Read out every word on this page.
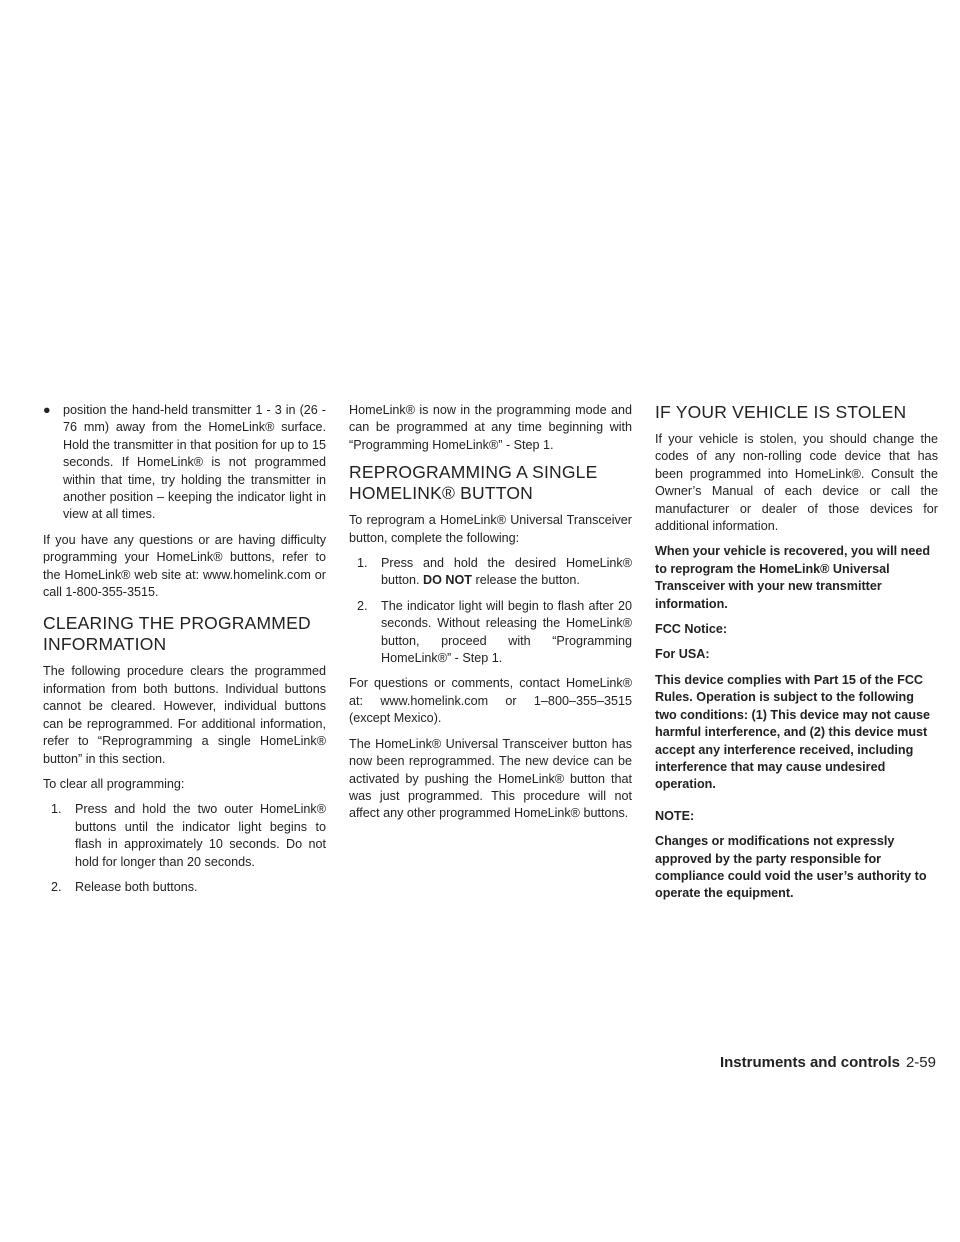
● position the hand-held transmitter 1 - 3 in (26 - 76 mm) away from the HomeLink® surface. Hold the transmitter in that position for up to 15 seconds. If HomeLink® is not programmed within that time, try holding the transmitter in another position – keeping the indicator light in view at all times.

If you have any questions or are having difficulty programming your HomeLink® buttons, refer to the HomeLink® web site at: www.homelink.com or call 1-800-355-3515.

CLEARING THE PROGRAMMED
INFORMATION

The following procedure clears the programmed information from both buttons. Individual buttons cannot be cleared. However, individual buttons can be reprogrammed. For additional information, refer to “Reprogramming a single HomeLink® button” in this section.

To clear all programming:

1. Press and hold the two outer HomeLink® buttons until the indicator light begins to flash in approximately 10 seconds. Do not hold for longer than 20 seconds.
2. Release both buttons.

HomeLink® is now in the programming mode and can be programmed at any time beginning with “Programming HomeLink®” - Step 1.

REPROGRAMMING A SINGLE
HOMELINK® BUTTON

To reprogram a HomeLink® Universal Transceiver button, complete the following:

1. Press and hold the desired HomeLink® button. DO NOT release the button.
2. The indicator light will begin to flash after 20 seconds. Without releasing the HomeLink® button, proceed with “Programming HomeLink®” - Step 1.

For questions or comments, contact HomeLink® at: www.homelink.com or 1–800–355–3515 (except Mexico).

The HomeLink® Universal Transceiver button has now been reprogrammed. The new device can be activated by pushing the HomeLink® button that was just programmed. This procedure will not affect any other programmed HomeLink® buttons.

IF YOUR VEHICLE IS STOLEN

If your vehicle is stolen, you should change the codes of any non-rolling code device that has been programmed into HomeLink®. Consult the Owner’s Manual of each device or call the manufacturer or dealer of those devices for additional information.

When your vehicle is recovered, you will need to reprogram the HomeLink® Universal Transceiver with your new transmitter information.

FCC Notice:

For USA:

This device complies with Part 15 of the FCC Rules. Operation is subject to the following two conditions: (1) This device may not cause harmful interference, and (2) this device must accept any interference received, including interference that may cause undesired operation.

NOTE:

Changes or modifications not expressly approved by the party responsible for compliance could void the user’s authority to operate the equipment.

Instruments and controls 2-59
